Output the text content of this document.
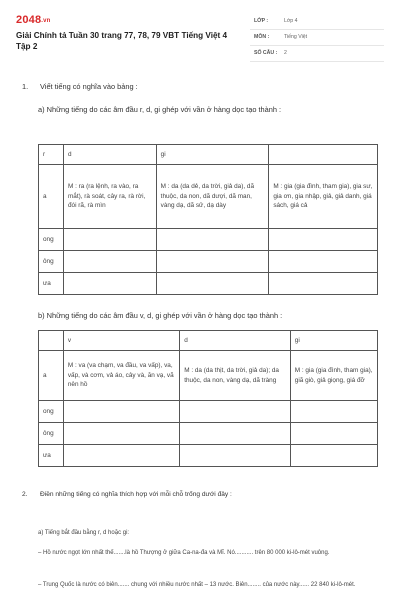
2048.vn
Giải Chính tả Tuần 30 trang 77, 78, 79 VBT Tiếng Việt 4 Tập 2
LỚP :	Lớp 4
MÔN :	Tiếng Việt
SỐ CÂU : 2
1. Viết tiếng có nghĩa vào bảng :
a) Những tiếng do các âm đầu r, d, gi ghép với vần ở hàng dọc tạo thành :
r	d	gi	
a	M : ra (ra lệnh, ra vào, ra mắt), rà soát, cây ra, rà rời, đói rã, rà mìn	M : da (da dẻ, da trời, giả da), dã thuộc, da non, dã dượi, dã man, vàng dạ, dã sử, dạ dày	M : gia (gia đình, tham gia), gia sư, gia ơn, gia nhập, giả, giả danh, giá sách, giá cả
ong			
ông			
ưa			
b) Những tiếng do các âm đầu v, d, gi ghép với vần ở hàng dọc tạo thành :
	v	d	gi
a	M : va (va chạm, va đầu, va vấp), va, vấp, và cơm, vả áo, cây và, ăn vạ, vã nên hồ	M : da (da thịt, da trời, giả da); da thuộc, da non, vàng dạ, dã tràng	M : gia (gia đình, tham gia), giã giò, giả giọng, giá đỡ
ong			
ông			
ưa			
2. Điền những tiếng có nghĩa thích hợp với mỗi chỗ trống dưới đây :
a) Tiếng bắt đầu bằng r, d hoặc gi:
– Hồ nước ngọt lớn nhất thế.......là hồ Thượng ở giữa Ca-na-đa và Mĩ. Nó........... trên 80 000 ki-lô-mét vuông.
– Trung Quốc là nước có biên....... chung với nhiều nước nhất – 13 nước. Biên........ của nước này...... 22 840 ki-lô-mét.
